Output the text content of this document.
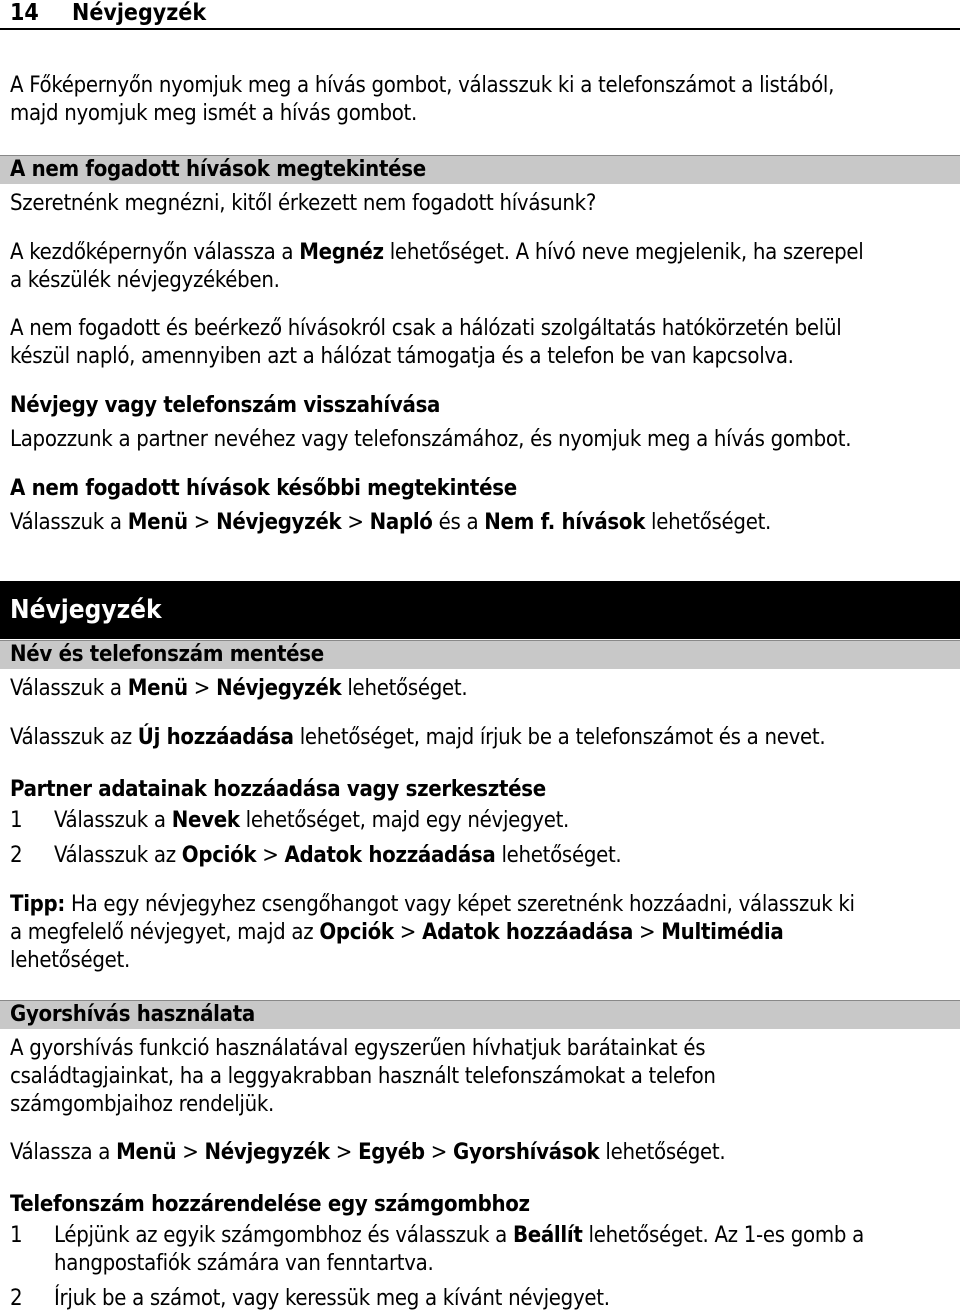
14 Névjegyzék

A Főképernyőn nyomjuk meg a hívás gombot, válasszuk ki a telefonszámot a listából,

majd nyomjuk meg ismét a hívás gombot.

A nem fogadott hívások megtekintése

Szeretnénk megnézni, kitől érkezett nem fogadott hívásunk?

A kezdőképernyőn válassza a Megnéz lehetőséget. A hívó neve megjelenik, ha szerepel

a készülék névjegyzékében.

A nem fogadott és beérkező hívásokról csak a hálózati szolgáltatás hatókörzetén belül

készül napló, amennyiben azt a hálózat támogatja és a telefon be van kapcsolva.

Névjegy vagy telefonszám visszahívása

Lapozzunk a partner nevéhez vagy telefonszámához, és nyomjuk meg a hívás gombot.

A nem fogadott hívások későbbi megtekintése

Válasszuk a Menü > Névjegyzék > Napló és a Nem f. hívások lehetőséget.

Névjegyzék
Név és telefonszám mentése

Válasszuk a Menü > Névjegyzék lehetőséget.

Válasszuk az Új hozzáadása lehetőséget, majd írjuk be a telefonszámot és a nevet.

Partner adatainak hozzáadása vagy szerkesztése

1 Válasszuk a Nevek lehetőséget, majd egy névjegyet.

2 Válasszuk az Opciók > Adatok hozzáadása lehetőséget.

Tipp: Ha egy névjegyhez csengőhangot vagy képet szeretnénk hozzáadni, válasszuk ki

a megfelelő névjegyet, majd az Opciók > Adatok hozzáadása > Multimédia

lehetőséget.

Gyorshívás használata

A gyorshívás funkció használatával egyszerűen hívhatjuk barátainkat és

családtagjainkat, ha a leggyakrabban használt telefonszámokat a telefon

számgombjaihoz rendeljük.

Válassza a Menü > Névjegyzék > Egyéb > Gyorshívások lehetőséget.

Telefonszám hozzárendelése egy számgombhoz

1 Lépjünk az egyik számgombhoz és válasszuk a Beállít lehetőséget. Az 1-es gomb a

hangpostafiók számára van fenntartva.

2 Írjuk be a számot, vagy keressük meg a kívánt névjegyet.
